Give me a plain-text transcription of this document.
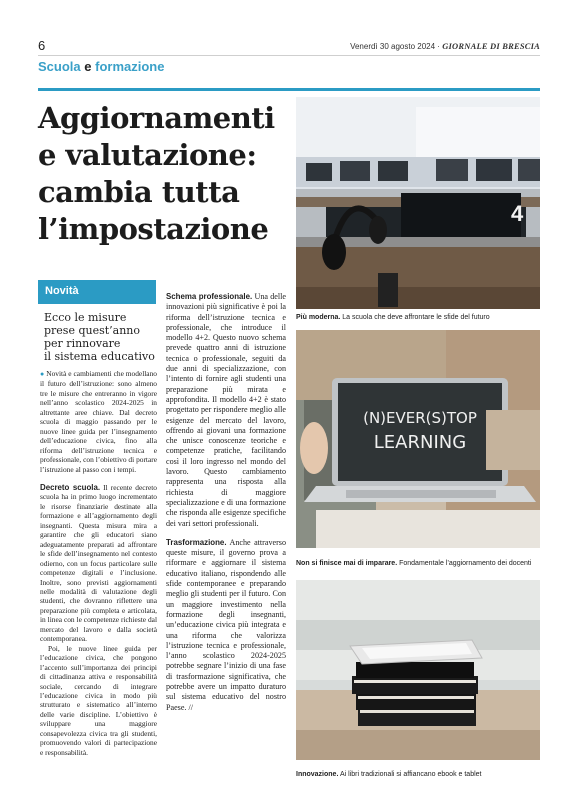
6	Venerdì 30 agosto 2024 · GIORNALE DI BRESCIA
Scuola e formazione
Aggiornamenti
e valutazione:
cambia tutta
l’impostazione
Novità
Ecco le misure
prese quest’anno
per rinnovare
il sistema educativo

● Novità e cambiamenti che modellano il futuro dell’istruzione: sono almeno tre le misure che entreranno in vigore nell’anno scolastico 2024-2025 in altrettante aree chiave. Dal decreto scuola di maggio passando per le nuove linee guida per l’insegnamento dell’educazione civica, fino alla riforma dell’istruzione tecnica e professionale, con l’obiettivo di portare l’istruzione al passo con i tempi.

Decreto scuola. Il recente decreto scuola ha in primo luogo incrementato le risorse finanziarie destinate alla formazione e all’aggiornamento degli insegnanti. Questa misura mira a garantire che gli educatori siano adeguatamente preparati ad affrontare le sfide dell’insegnamento nel contesto odierno, con un focus particolare sulle competenze digitali e l’inclusione. Inoltre, sono previsti aggiornamenti nelle modalità di valutazione degli studenti, che dovranno riflettere una preparazione più completa e articolata, in linea con le competenze richieste dal mercato del lavoro e dalla società contemporanea.

Poi, le nuove linee guida per l’educazione civica, che pongono l’accento sull’importanza dei principi di cittadinanza attiva e responsabilità sociale, cercando di integrare l’educazione civica in modo più strutturato e sistematico all’interno delle varie discipline. L’obiettivo è sviluppare una maggiore consapevolezza civica tra gli studenti, promuovendo valori di partecipazione e responsabilità.

Schema professionale. Una delle innovazioni più significative è poi la riforma dell’istruzione tecnica e professionale, che introduce il modello 4+2. Questo nuovo schema prevede quattro anni di istruzione tecnica o professionale, seguiti da due anni di specializzazione, con l’intento di fornire agli studenti una preparazione più mirata e approfondita. Il modello 4+2 è stato progettato per rispondere meglio alle esigenze del mercato del lavoro, offrendo ai giovani una formazione che unisce conoscenze teoriche e competenze pratiche, facilitando così il loro ingresso nel mondo del lavoro. Questo cambiamento rappresenta una risposta alla richiesta di maggiore specializzazione e di una formazione che risponda alle esigenze specifiche dei vari settori professionali.

Trasformazione. Anche attraverso queste misure, il governo prova a riformare e aggiornare il sistema educativo italiano, rispondendo alle sfide contemporanee e preparando meglio gli studenti per il futuro. Con un maggiore investimento nella formazione degli insegnanti, un’educazione civica più integrata e una riforma che valorizza l’istruzione tecnica e professionale, l’anno scolastico 2024-2025 potrebbe segnare l’inizio di una fase di trasformazione significativa, che potrebbe avere un impatto duraturo sul sistema educativo del nostro Paese. //

4
Più moderna. La scuola che deve affrontare le sfide del futuro
(N)EVER(S)TOP
LEARNING
Non si finisce mai di imparare. Fondamentale l’aggiornamento dei docenti
Innovazione. Ai libri tradizionali si affiancano ebook e tablet
